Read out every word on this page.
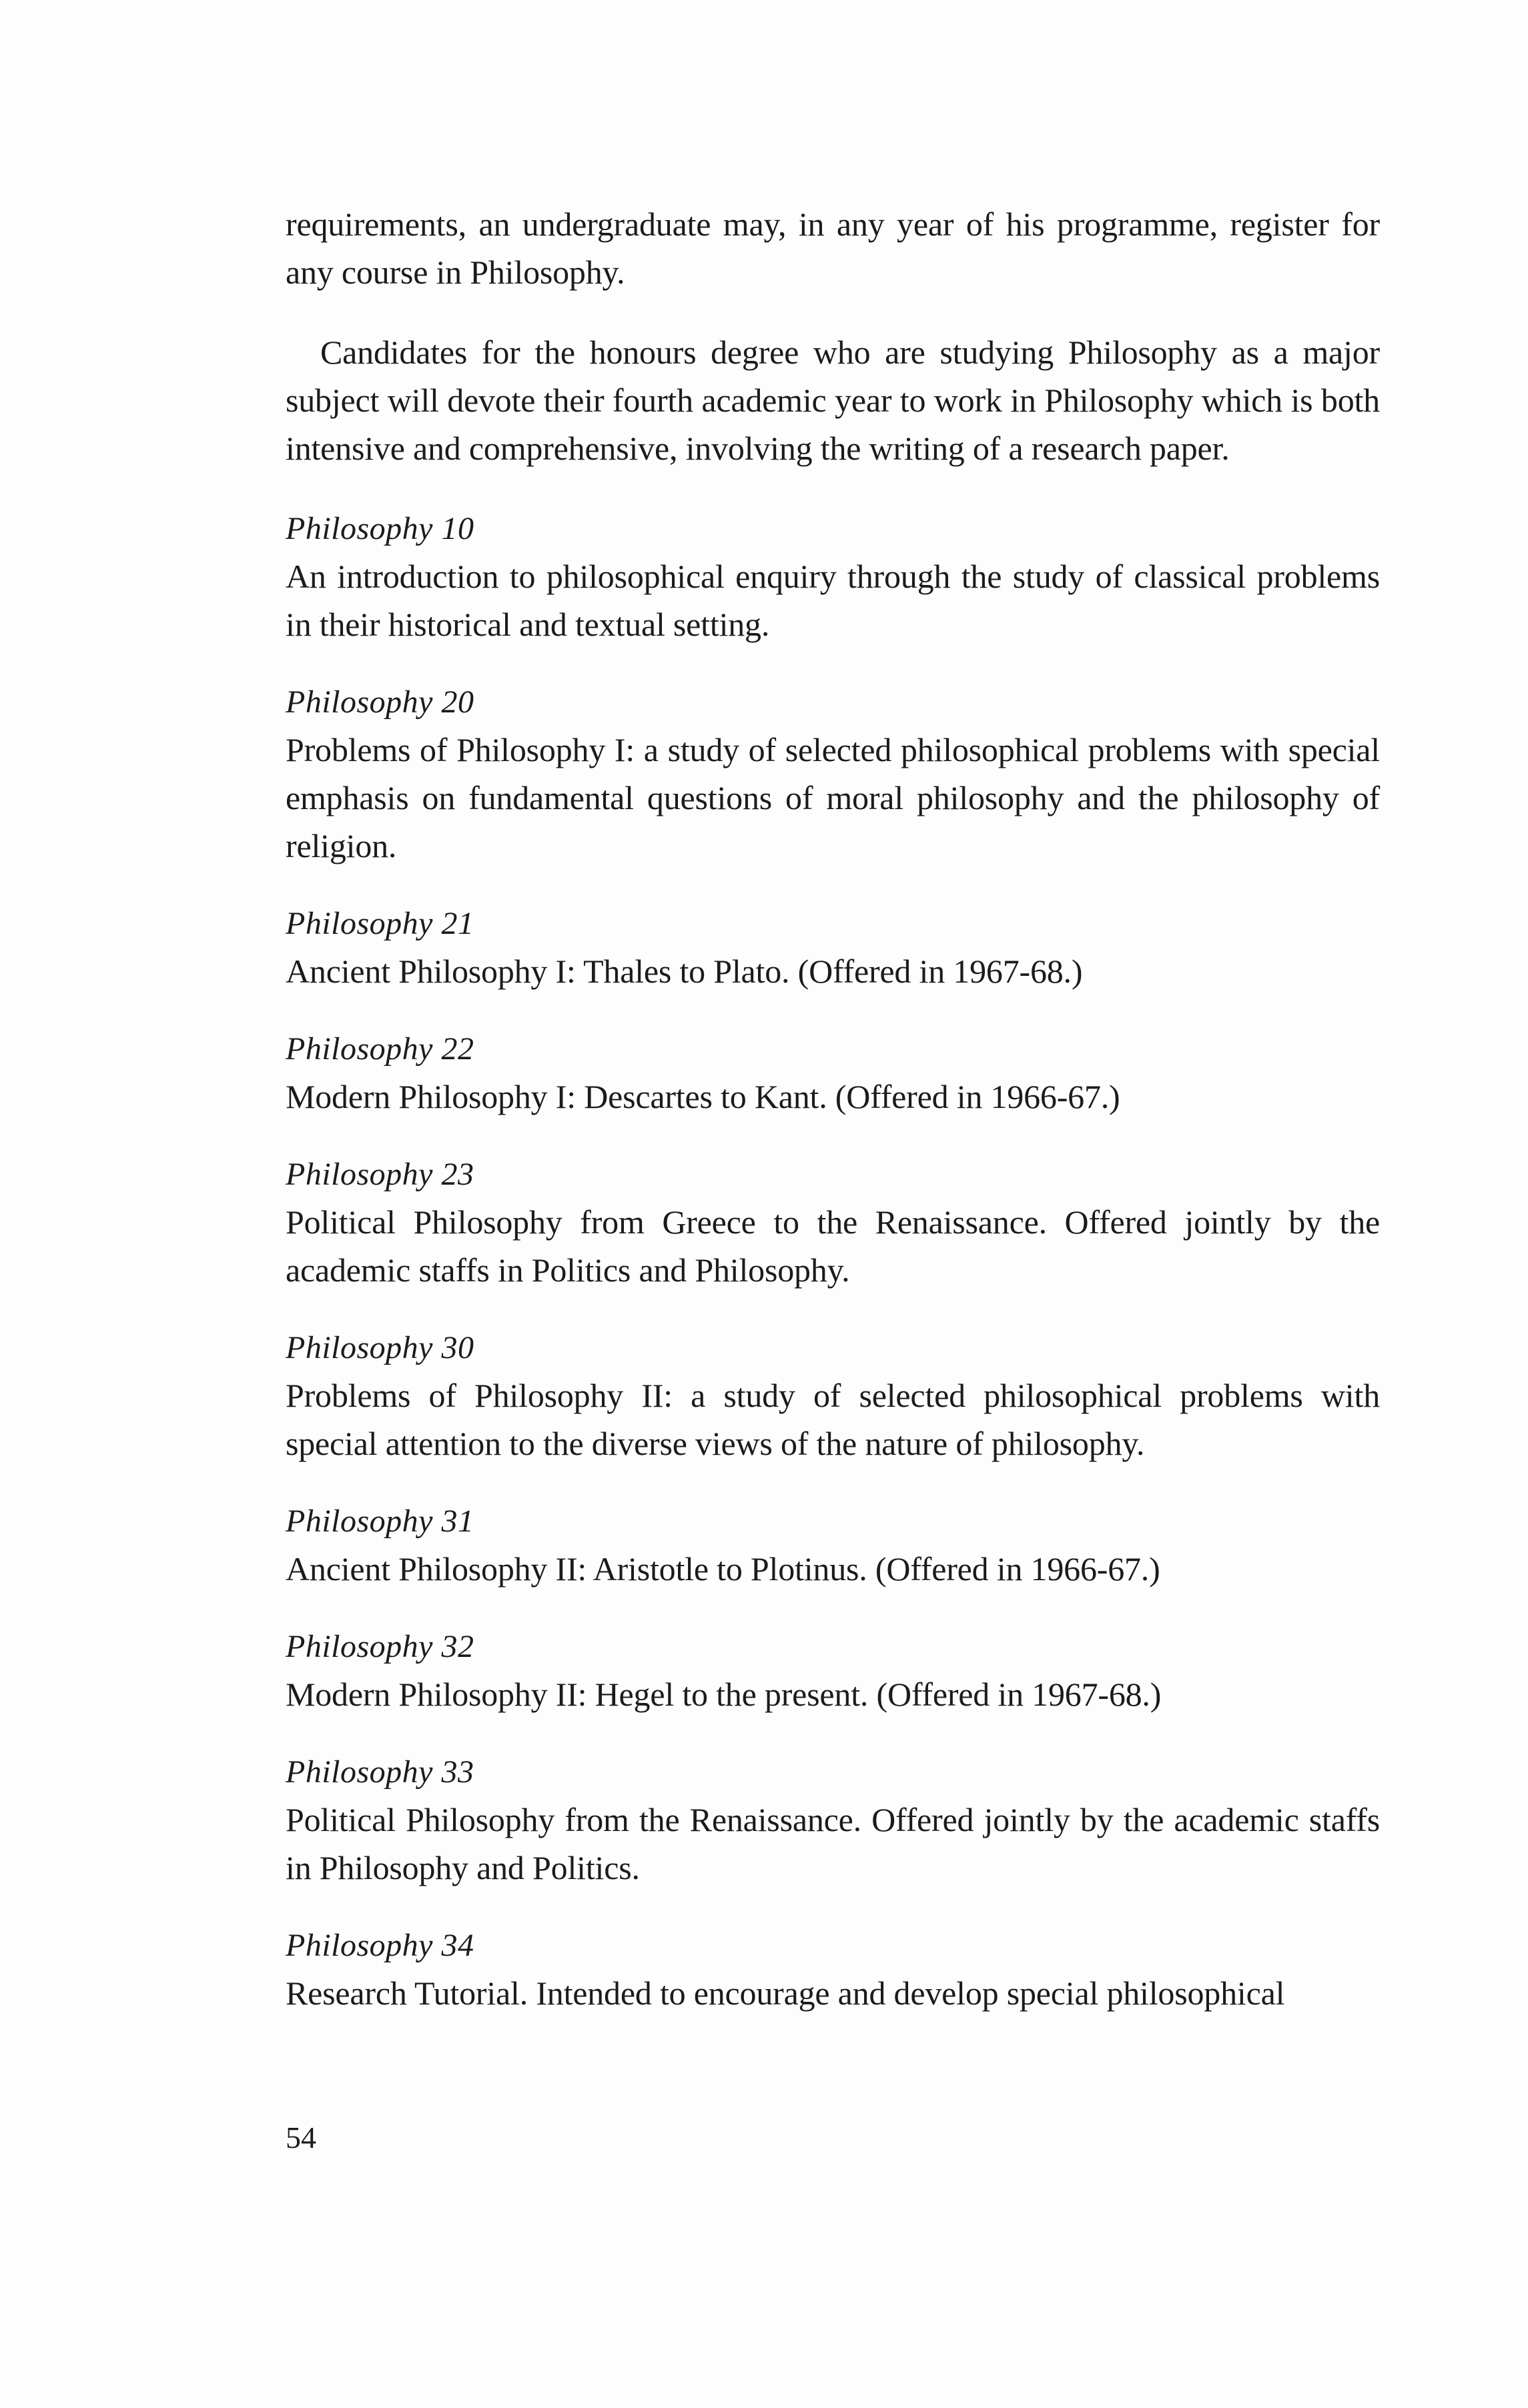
requirements, an undergraduate may, in any year of his programme, register for any course in Philosophy.

Candidates for the honours degree who are studying Philosophy as a major subject will devote their fourth academic year to work in Philosophy which is both intensive and comprehensive, involving the writing of a research paper.

Philosophy 10

An introduction to philosophical enquiry through the study of classical problems in their historical and textual setting.

Philosophy 20

Problems of Philosophy I: a study of selected philosophical problems with special emphasis on fundamental questions of moral philosophy and the philosophy of religion.

Philosophy 21

Ancient Philosophy I: Thales to Plato. (Offered in 1967-68.)

Philosophy 22

Modern Philosophy I: Descartes to Kant. (Offered in 1966-67.)

Philosophy 23

Political Philosophy from Greece to the Renaissance. Offered jointly by the academic staffs in Politics and Philosophy.

Philosophy 30

Problems of Philosophy II: a study of selected philosophical problems with special attention to the diverse views of the nature of philosophy.

Philosophy 31

Ancient Philosophy II: Aristotle to Plotinus. (Offered in 1966-67.)

Philosophy 32

Modern Philosophy II: Hegel to the present. (Offered in 1967-68.)

Philosophy 33

Political Philosophy from the Renaissance. Offered jointly by the academic staffs in Philosophy and Politics.

Philosophy 34

Research Tutorial. Intended to encourage and develop special philosophical

54
